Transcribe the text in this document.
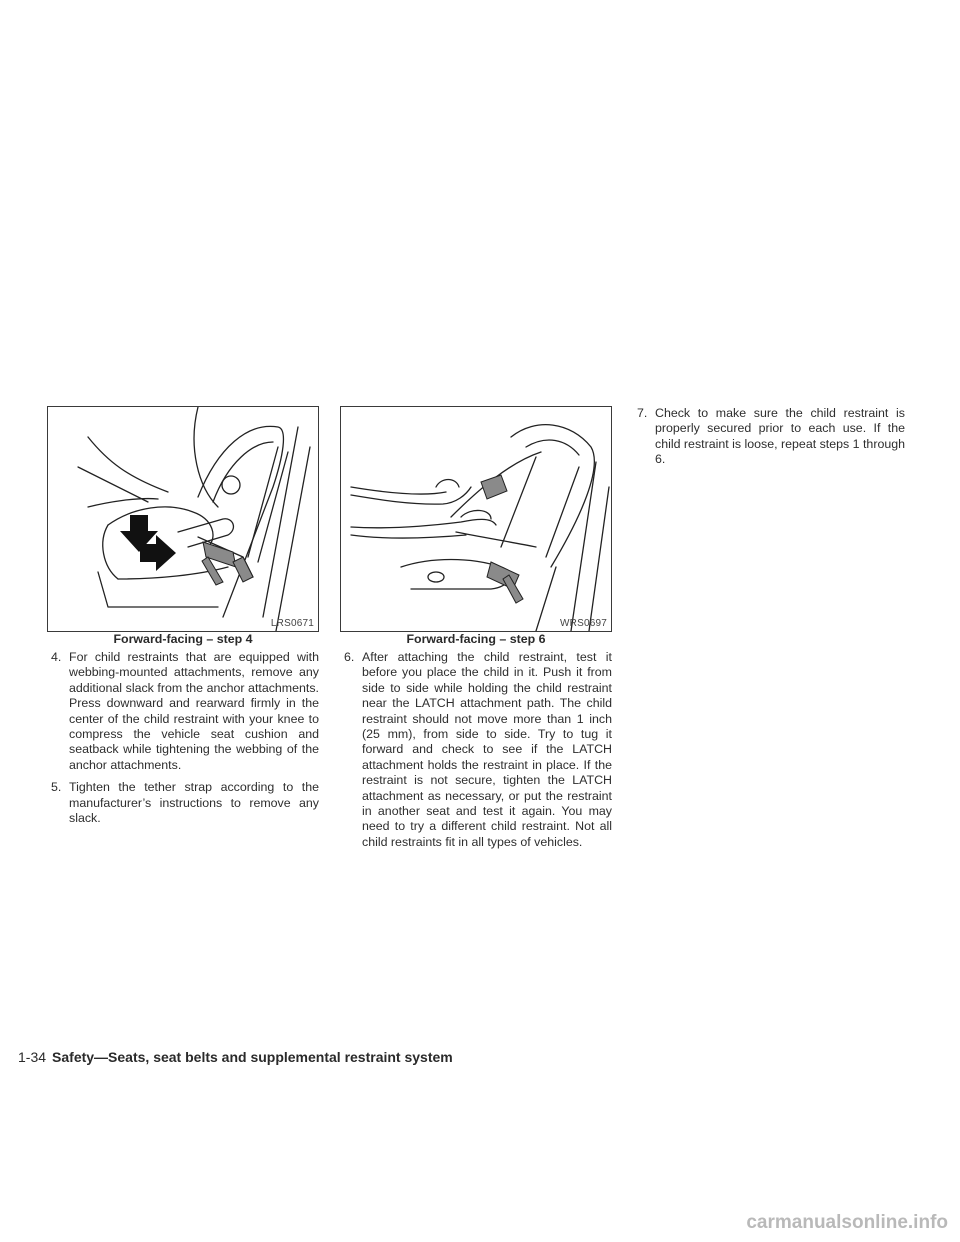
LRS0671
Forward-facing – step 4
WRS0697
Forward-facing – step 6
4. For child restraints that are equipped with webbing-mounted attachments, remove any additional slack from the anchor attachments. Press downward and rearward firmly in the center of the child restraint with your knee to compress the vehicle seat cushion and seatback while tightening the webbing of the anchor attachments.
5. Tighten the tether strap according to the manufacturer’s instructions to remove any slack.
6. After attaching the child restraint, test it before you place the child in it. Push it from side to side while holding the child restraint near the LATCH attachment path. The child restraint should not move more than 1 inch (25 mm), from side to side. Try to tug it forward and check to see if the LATCH attachment holds the restraint in place. If the restraint is not secure, tighten the LATCH attachment as necessary, or put the restraint in another seat and test it again. You may need to try a different child restraint. Not all child restraints fit in all types of vehicles.
7. Check to make sure the child restraint is properly secured prior to each use. If the child restraint is loose, repeat steps 1 through 6.
1-34 Safety—Seats, seat belts and supplemental restraint system
carmanualsonline.info
